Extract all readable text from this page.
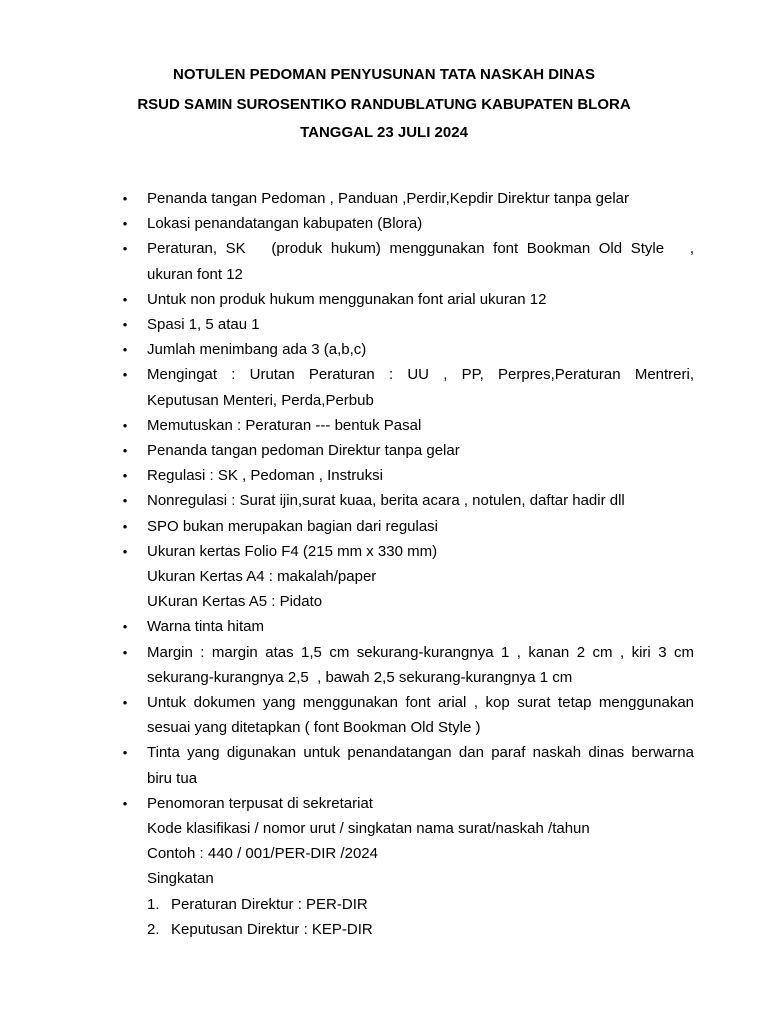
NOTULEN PEDOMAN PENYUSUNAN TATA NASKAH DINAS
RSUD SAMIN SUROSENTIKO RANDUBLATUNG KABUPATEN BLORA
TANGGAL 23 JULI 2024
• Penanda tangan Pedoman , Panduan ,Perdir,Kepdir Direktur tanpa gelar
• Lokasi penandatangan kabupaten (Blora)
• Peraturan, SK   (produk hukum) menggunakan font Bookman Old Style   ,
ukuran font 12
• Untuk non produk hukum menggunakan font arial ukuran 12
• Spasi 1, 5 atau 1
• Jumlah menimbang ada 3 (a,b,c)
• Mengingat : Urutan Peraturan : UU , PP, Perpres,Peraturan Mentreri,
Keputusan Menteri, Perda,Perbub
• Memutuskan : Peraturan --- bentuk Pasal
• Penanda tangan pedoman Direktur tanpa gelar
• Regulasi : SK , Pedoman , Instruksi
• Nonregulasi : Surat ijin,surat kuaa, berita acara , notulen, daftar hadir dll
• SPO bukan merupakan bagian dari regulasi
• Ukuran kertas Folio F4 (215 mm x 330 mm)
Ukuran Kertas A4 : makalah/paper
UKuran Kertas A5 : Pidato
• Warna tinta hitam
• Margin : margin atas 1,5 cm sekurang-kurangnya 1 , kanan 2 cm , kiri 3 cm
sekurang-kurangnya 2,5  , bawah 2,5 sekurang-kurangnya 1 cm
• Untuk dokumen yang menggunakan font arial , kop surat tetap menggunakan
sesuai yang ditetapkan ( font Bookman Old Style )
• Tinta yang digunakan untuk penandatangan dan paraf naskah dinas berwarna
biru tua
• Penomoran terpusat di sekretariat
Kode klasifikasi / nomor urut / singkatan nama surat/naskah /tahun
Contoh : 440 / 001/PER-DIR /2024
Singkatan
1. Peraturan Direktur : PER-DIR
2. Keputusan Direktur : KEP-DIR
